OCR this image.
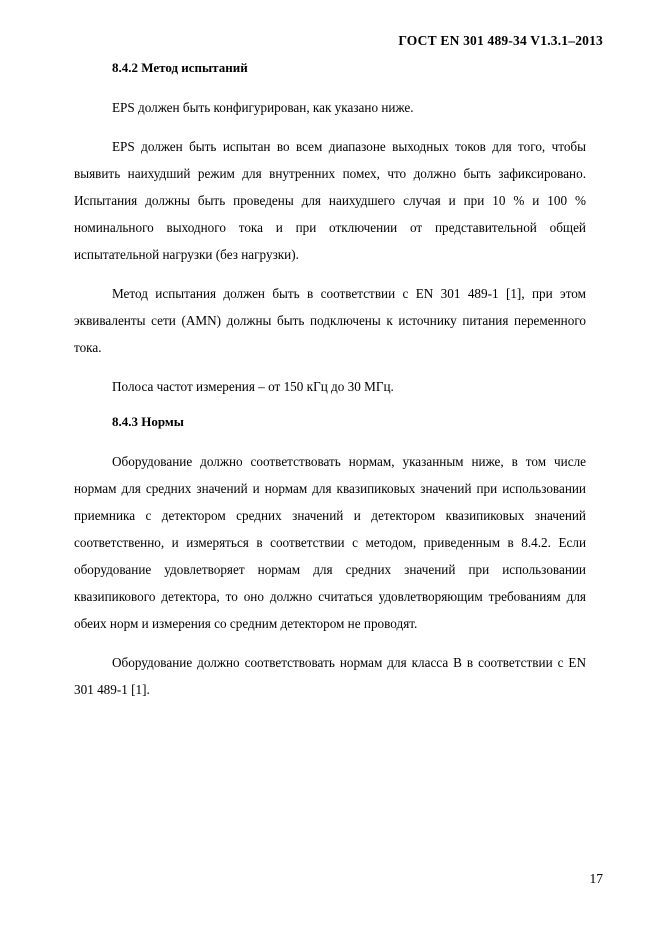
ГОСТ EN 301 489-34 V1.3.1–2013
8.4.2 Метод испытаний

EPS должен быть конфигурирован, как указано ниже.

EPS должен быть испытан во всем диапазоне выходных токов для того, чтобы выявить наихудший режим для внутренних помех, что должно быть зафиксировано. Испытания должны быть проведены для наихудшего случая и при 10 % и 100 % номинального выходного тока и при отключении от представительной общей испытательной нагрузки (без нагрузки).

Метод испытания должен быть в соответствии с EN 301 489-1 [1], при этом эквиваленты сети (AMN) должны быть подключены к источнику питания переменного тока.

Полоса частот измерения – от 150 кГц до 30 МГц.

8.4.3 Нормы

Оборудование должно соответствовать нормам, указанным ниже, в том числе нормам для средних значений и нормам для квазипиковых значений при использовании приемника с детектором средних значений и детектором квазипиковых значений соответственно, и измеряться в соответствии с методом, приведенным в 8.4.2. Если оборудование удовлетворяет нормам для средних значений при использовании квазипикового детектора, то оно должно считаться удовлетворяющим требованиям для обеих норм и измерения со средним детектором не проводят.

Оборудование должно соответствовать нормам для класса B в соответствии с EN 301 489-1 [1].

17
